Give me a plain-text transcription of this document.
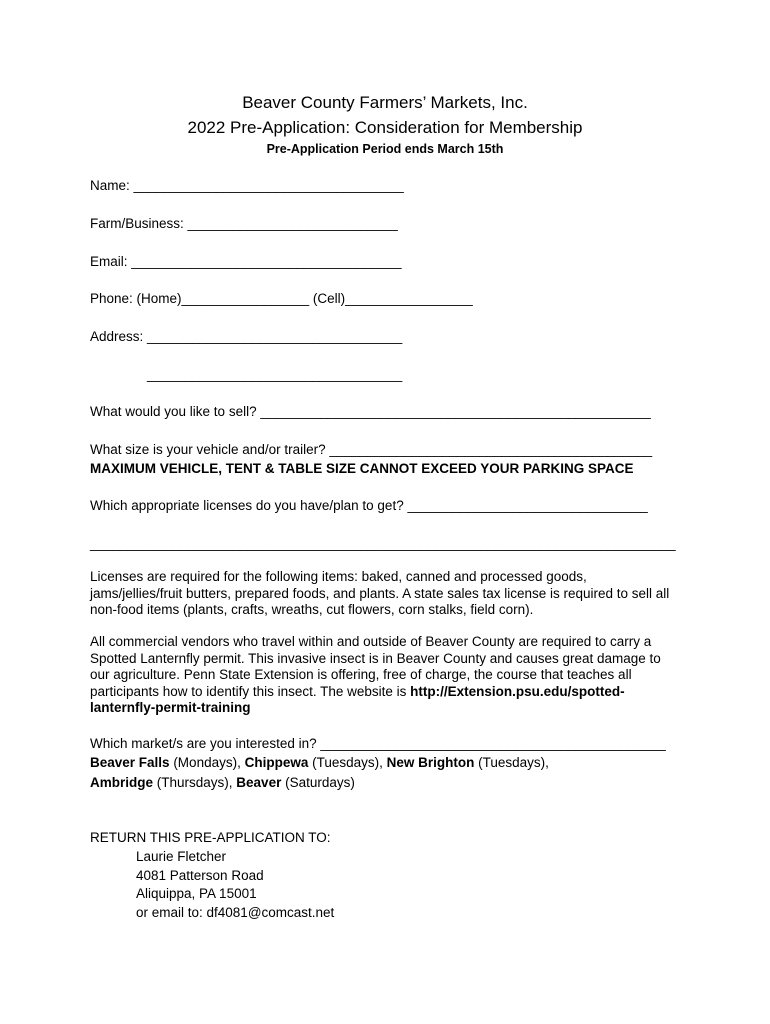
Beaver County Farmers’ Markets, Inc.
2022 Pre-Application: Consideration for Membership
Pre-Application Period ends March 15th
Name: ____________________________________
Farm/Business: ____________________________
Email: ____________________________________
Phone: (Home)_________________ (Cell)_________________
Address: __________________________________
__________________________________
What would you like to sell? ____________________________________________________
What size is your vehicle and/or trailer? ___________________________________________
MAXIMUM VEHICLE, TENT & TABLE SIZE CANNOT EXCEED YOUR PARKING SPACE
Which appropriate licenses do you have/plan to get? ________________________________
______________________________________________________________________________

Licenses are required for the following items: baked, canned and processed goods, jams/jellies/fruit butters, prepared foods, and plants. A state sales tax license is required to sell all non-food items (plants, crafts, wreaths, cut flowers, corn stalks, field corn).

All commercial vendors who travel within and outside of Beaver County are required to carry a Spotted Lanternfly permit. This invasive insect is in Beaver County and causes great damage to our agriculture. Penn State Extension is offering, free of charge, the course that teaches all participants how to identify this insect. The website is http://Extension.psu.edu/spotted-lanternfly-permit-training

Which market/s are you interested in? ______________________________________________
Beaver Falls (Mondays), Chippewa (Tuesdays), New Brighton (Tuesdays),
Ambridge (Thursdays), Beaver (Saturdays)
RETURN THIS PRE-APPLICATION TO:
Laurie Fletcher
4081 Patterson Road
Aliquippa, PA 15001
or email to: df4081@comcast.net
